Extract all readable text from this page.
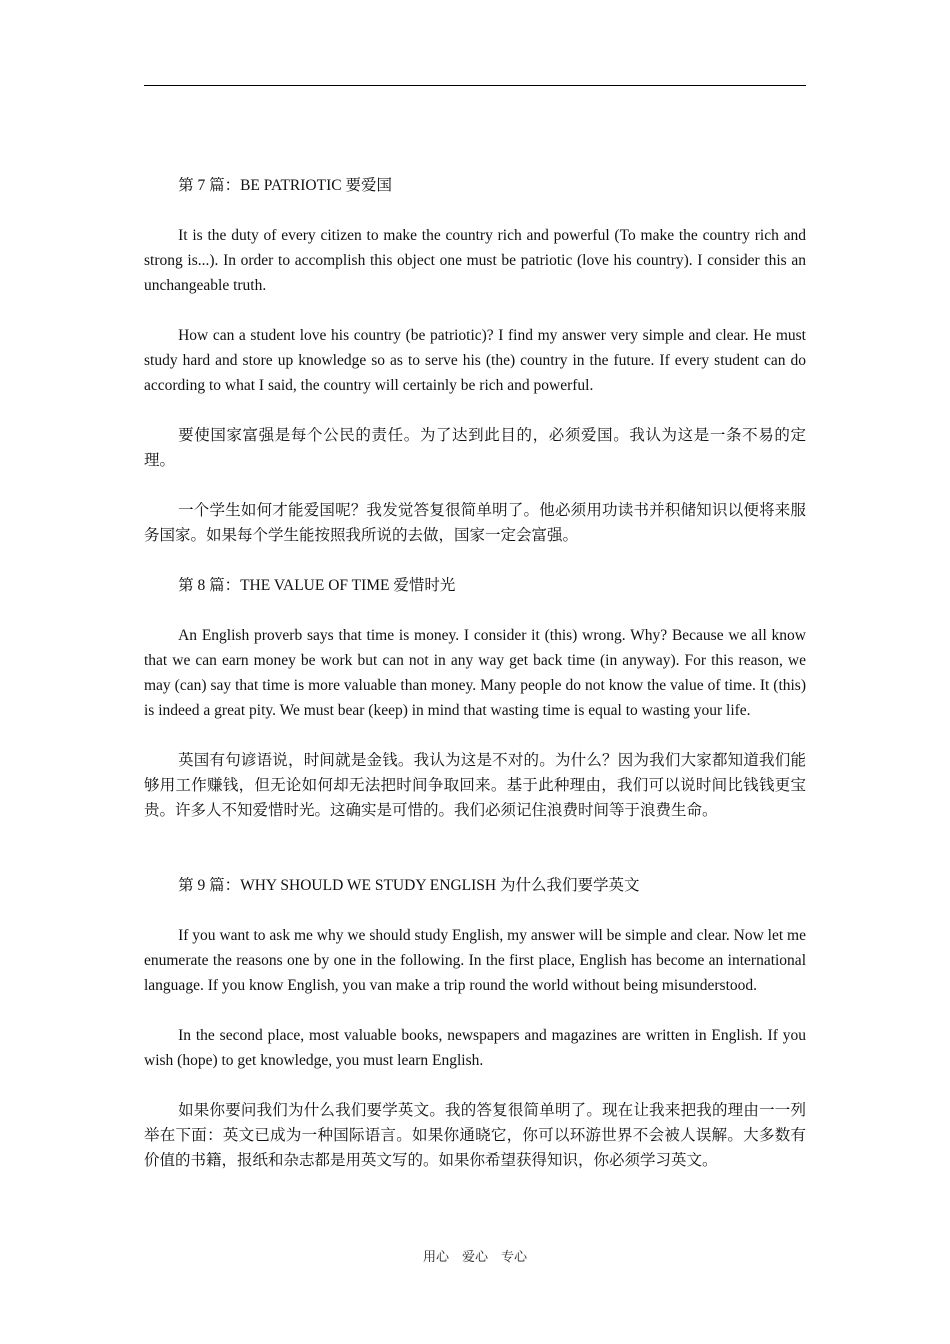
第 7 篇：BE PATRIOTIC 要爱国

It is the duty of every citizen to make the country rich and powerful (To make the country rich and strong is...). In order to accomplish this object one must be patriotic (love his country). I consider this an unchangeable truth.

How can a student love his country (be patriotic)? I find my answer very simple and clear. He must study hard and store up knowledge so as to serve his (the) country in the future. If every student can do according to what I said, the country will certainly be rich and powerful.

要使国家富强是每个公民的责任。为了达到此目的，必须爱国。我认为这是一条不易的定理。

一个学生如何才能爱国呢？我发觉答复很简单明了。他必须用功读书并积储知识以便将来服务国家。如果每个学生能按照我所说的去做，国家一定会富强。

第 8 篇：THE VALUE OF TIME 爱惜时光

An English proverb says that time is money. I consider it (this) wrong. Why? Because we all know that we can earn money be work but can not in any way get back time (in anyway). For this reason, we may (can) say that time is more valuable than money. Many people do not know the value of time. It (this) is indeed a great pity. We must bear (keep) in mind that wasting time is equal to wasting your life.

英国有句谚语说，时间就是金钱。我认为这是不对的。为什么？因为我们大家都知道我们能够用工作赚钱，但无论如何却无法把时间争取回来。基于此种理由，我们可以说时间比钱钱更宝贵。许多人不知爱惜时光。这确实是可惜的。我们必须记住浪费时间等于浪费生命。

第 9 篇：WHY SHOULD WE STUDY ENGLISH 为什么我们要学英文

If you want to ask me why we should study English, my answer will be simple and clear. Now let me enumerate the reasons one by one in the following. In the first place, English has become an international language. If you know English, you van make a trip round the world without being misunderstood.

In the second place, most valuable books, newspapers and magazines are written in English. If you wish (hope) to get knowledge, you must learn English.

如果你要问我们为什么我们要学英文。我的答复很简单明了。现在让我来把我的理由一一列举在下面：英文已成为一种国际语言。如果你通晓它，你可以环游世界不会被人误解。大多数有价值的书籍，报纸和杂志都是用英文写的。如果你希望获得知识，你必须学习英文。

用心　爱心　专心
